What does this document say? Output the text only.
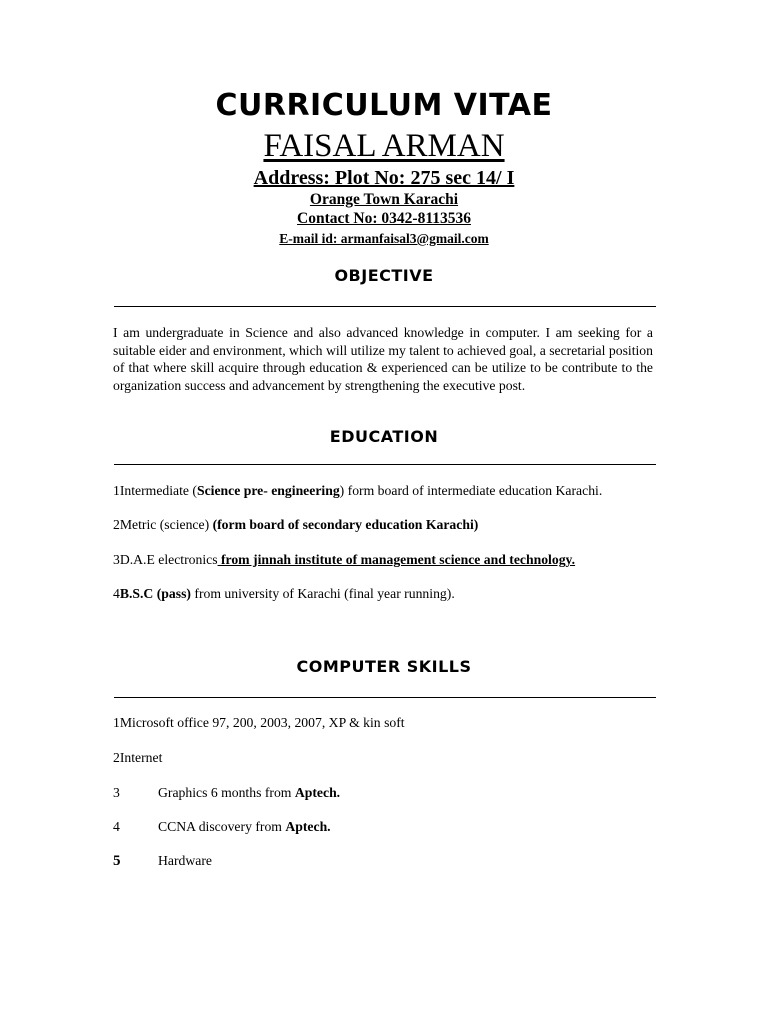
CURRICULUM VITAE
FAISAL ARMAN
Address: Plot No: 275 sec 14/ I
Orange Town Karachi
Contact No: 0342-8113536
E-mail id: armanfaisal3@gmail.com
OBJECTIVE
I am undergraduate in Science and also advanced knowledge in computer. I am seeking for a suitable eider and environment, which will utilize my talent to achieved goal, a secretarial position of that where skill acquire through education & experienced can be utilize to be contribute to the organization success and advancement by strengthening the executive post.
EDUCATION
1Intermediate (Science pre- engineering) form board of intermediate education Karachi.
2Metric (science) (form board of secondary education Karachi)
3D.A.E electronics from jinnah institute of management science and technology.
4B.S.C (pass) from university of Karachi (final year running).
COMPUTER SKILLS
1Microsoft office 97, 200, 2003, 2007, XP & kin soft
2Internet
3	Graphics 6 months from Aptech.
4	CCNA discovery from Aptech.
5	Hardware
